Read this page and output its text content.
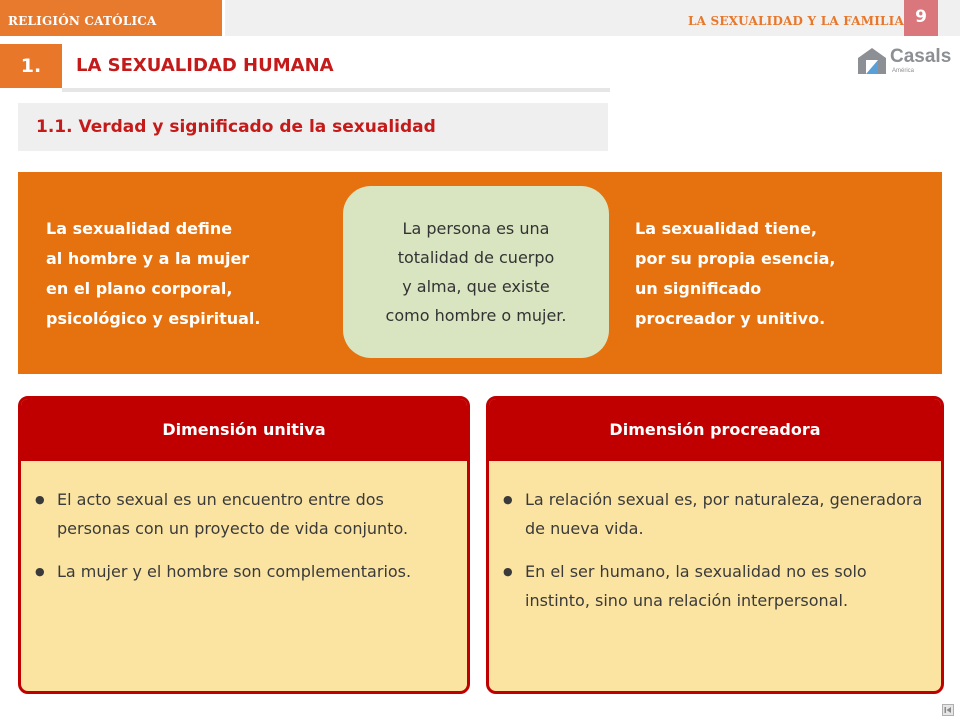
RELIGIÓN CATÓLICA	LA SEXUALIDAD Y LA FAMILIA 9
1.	LA SEXUALIDAD HUMANA	Casals
América
1.1. Verdad y significado de la sexualidad
La sexualidad define
al hombre y a la mujer
en el plano corporal,
psicológico y espiritual.
La sexualidad tiene,
por su propia esencia,
un significado
procreador y unitivo.
La persona es una
totalidad de cuerpo
y alma, que existe
como hombre o mujer.
Dimensión unitiva
● El acto sexual es un encuentro entre dos personas con un proyecto de vida conjunto.
● La mujer y el hombre son complementarios.
Dimensión procreadora
● La relación sexual es, por naturaleza, generadora de nueva vida.
● En el ser humano, la sexualidad no es solo instinto, sino una relación interpersonal.
